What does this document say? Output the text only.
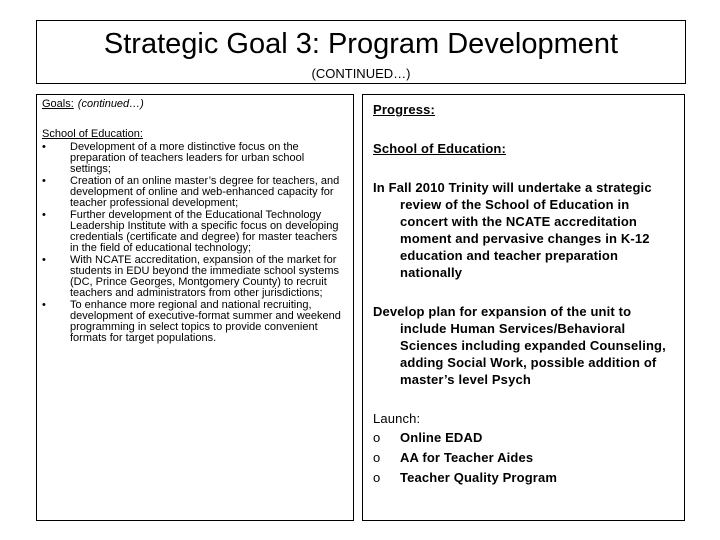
Strategic Goal 3: Program Development
(CONTINUED…)
Goals: (continued…)
School of Education:
• Development of a more distinctive focus on the preparation of teachers leaders for urban school settings;
• Creation of an online master’s degree for teachers, and development of online and web-enhanced capacity for teacher professional development;
• Further development of the Educational Technology Leadership Institute with a specific focus on developing credentials (certificate and degree) for master teachers in the field of educational technology;
• With NCATE accreditation, expansion of the market for students in EDU beyond the immediate school systems (DC, Prince Georges, Montgomery County) to recruit teachers and administrators from other jurisdictions;
• To enhance more regional and national recruiting, development of executive-format summer and weekend programming in select topics to provide convenient formats for target populations.
Progress:
School of Education:
In Fall 2010 Trinity will undertake a strategic review of the School of Education in concert with the NCATE accreditation moment and pervasive changes in K-12 education and teacher preparation nationally
Develop plan for expansion of the unit to include Human Services/Behavioral Sciences including expanded Counseling, adding Social Work, possible addition of master’s level Psych
Launch:
o Online EDAD
o AA for Teacher Aides
o Teacher Quality Program
